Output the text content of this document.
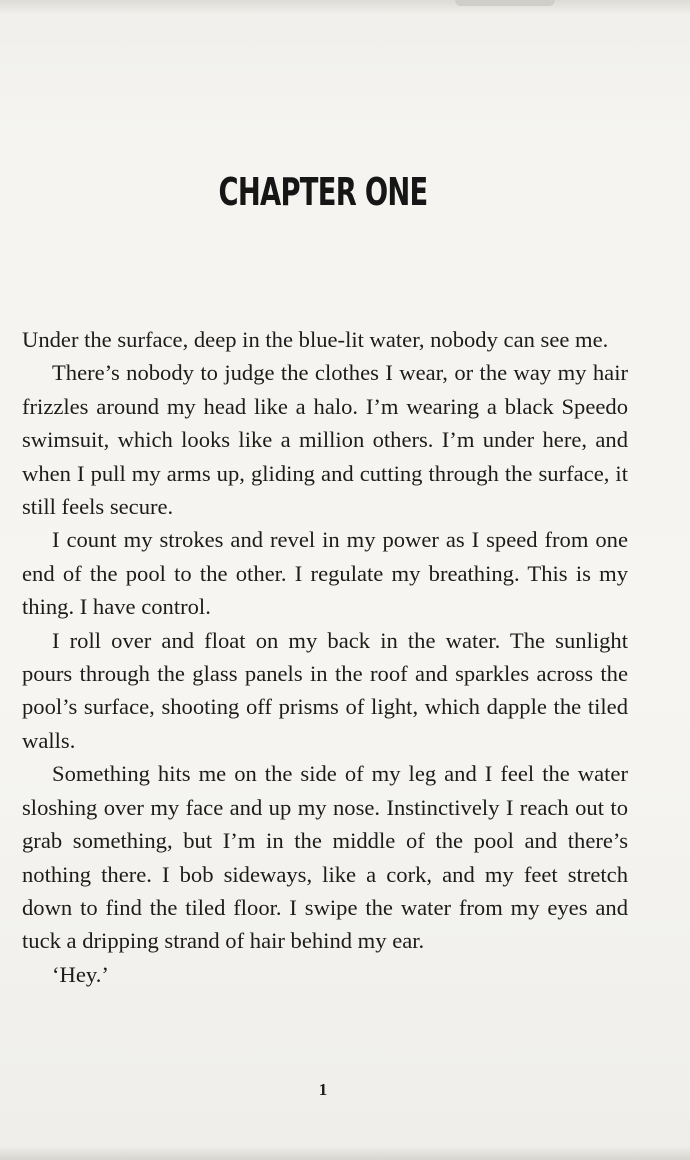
CHAPTER ONE

Under the surface, deep in the blue-lit water, nobody can see me.

There’s nobody to judge the clothes I wear, or the way my hair frizzles around my head like a halo. I’m wearing a black Speedo swimsuit, which looks like a million others. I’m under here, and when I pull my arms up, gliding and cutting through the surface, it still feels secure.

I count my strokes and revel in my power as I speed from one end of the pool to the other. I regulate my breathing. This is my thing. I have control.

I roll over and float on my back in the water. The sunlight pours through the glass panels in the roof and sparkles across the pool’s surface, shooting off prisms of light, which dapple the tiled walls.

Something hits me on the side of my leg and I feel the water sloshing over my face and up my nose. Instinctively I reach out to grab something, but I’m in the middle of the pool and there’s nothing there. I bob sideways, like a cork, and my feet stretch down to find the tiled floor. I swipe the water from my eyes and tuck a dripping strand of hair behind my ear.

‘Hey.’

1
